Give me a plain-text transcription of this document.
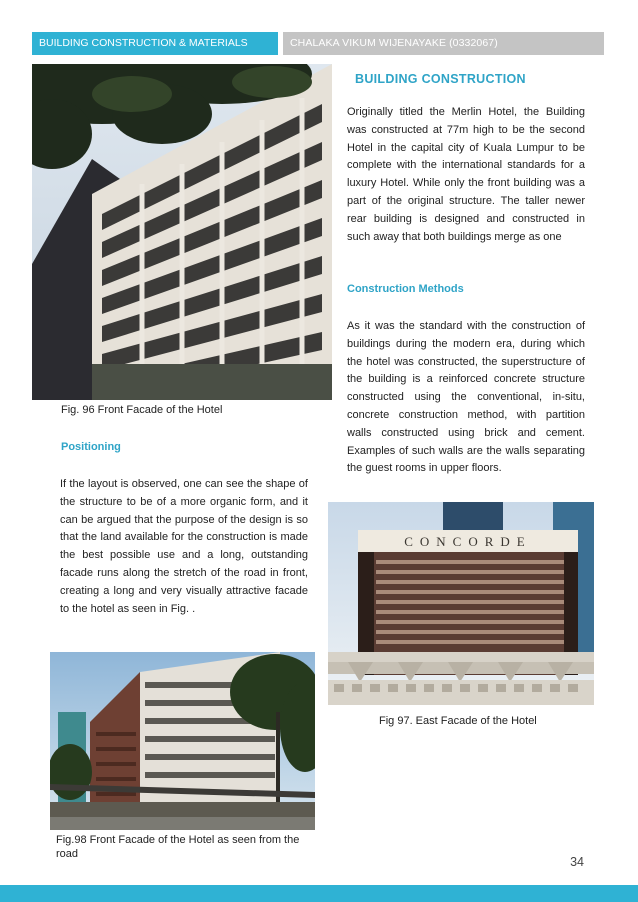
BUILDING CONSTRUCTION & MATERIALS	CHALAKA VIKUM WIJENAYAKE (0332067)
Fig. 96 Front Facade of the Hotel
Positioning
If the layout is observed, one can see the shape of the structure to be of a more organic form, and it can be argued that the purpose of the design is so that the land available for the construction is made the best possible use and a long, outstanding facade runs along the stretch of the road in front, creating a long and very visually attractive facade to the hotel as seen in Fig. .
Fig.98 Front Facade of the Hotel as seen from the road
BUILDING CONSTRUCTION
Originally titled the Merlin Hotel, the Building was constructed at 77m high to be the second Hotel in the capital city of Kuala Lumpur to be complete with the international standards for a luxury Hotel. While only the front building was a part of the original structure. The taller newer rear building is designed and constructed in such away that both buildings merge as one
Construction Methods
As it was the standard with the construction of buildings during the modern era, during which the hotel was constructed, the superstructure of the building is a reinforced concrete structure constructed using the conventional, in-situ, concrete construction method, with partition walls constructed using brick and cement. Examples of such walls are the walls separating the guest rooms in upper floors.
CONCORDE
Fig 97. East Facade of the Hotel
34
